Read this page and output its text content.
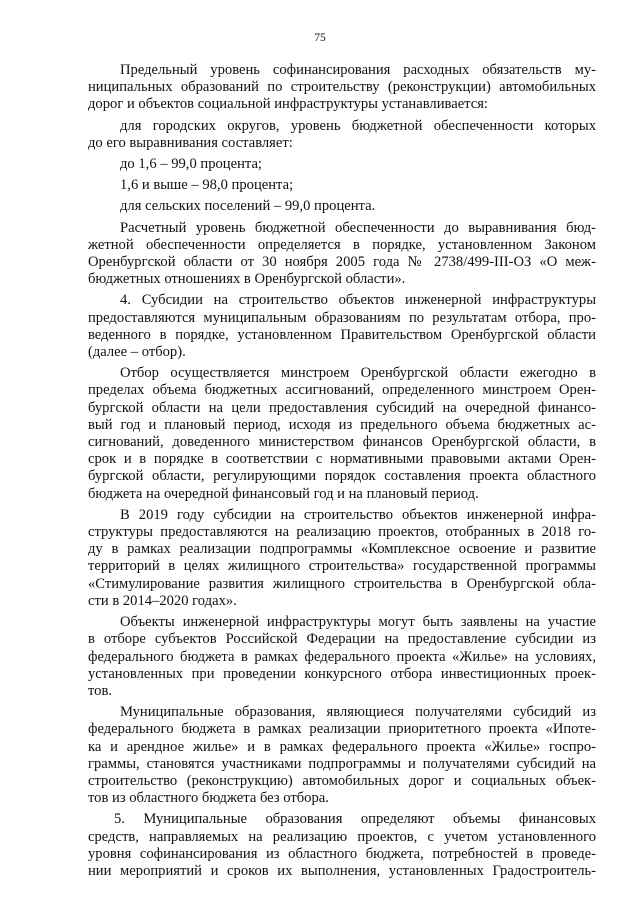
75
Предельный уровень софинансирования расходных обязательств му-
ниципальных образований по строительству (реконструкции) автомобильных
дорог и объектов социальной инфраструктуры устанавливается:
для городских округов, уровень бюджетной обеспеченности которых
до его выравнивания составляет:
до 1,6 – 99,0 процента;
1,6 и выше – 98,0 процента;
для сельских поселений – 99,0 процента.
Расчетный уровень бюджетной обеспеченности до выравнивания бюд-
жетной обеспеченности определяется в порядке, установленном Законом
Оренбургской области от 30 ноября 2005 года № 2738/499-III-ОЗ «О меж-
бюджетных отношениях в Оренбургской области».
4. Субсидии на строительство объектов инженерной инфраструктуры
предоставляются муниципальным образованиям по результатам отбора, про-
веденного в порядке, установленном Правительством Оренбургской области
(далее – отбор).
Отбор осуществляется минстроем Оренбургской области ежегодно в
пределах объема бюджетных ассигнований, определенного минстроем Орен-
бургской области на цели предоставления субсидий на очередной финансо-
вый год и плановый период, исходя из предельного объема бюджетных ас-
сигнований, доведенного министерством финансов Оренбургской области, в
срок и в порядке в соответствии с нормативными правовыми актами Орен-
бургской области, регулирующими порядок составления проекта областного
бюджета на очередной финансовый год и на плановый период.
В 2019 году субсидии на строительство объектов инженерной инфра-
структуры предоставляются на реализацию проектов, отобранных в 2018 го-
ду в рамках реализации подпрограммы «Комплексное освоение и развитие
территорий в целях жилищного строительства» государственной программы
«Стимулирование развития жилищного строительства в Оренбургской обла-
сти в 2014–2020 годах».
Объекты инженерной инфраструктуры могут быть заявлены на участие
в отборе субъектов Российской Федерации на предоставление субсидии из
федерального бюджета в рамках федерального проекта «Жилье» на условиях,
установленных при проведении конкурсного отбора инвестиционных проек-
тов.
Муниципальные образования, являющиеся получателями субсидий из
федерального бюджета в рамках реализации приоритетного проекта «Ипоте-
ка и арендное жилье» и в рамках федерального проекта «Жилье» госпро-
граммы, становятся участниками подпрограммы и получателями субсидий на
строительство (реконструкцию) автомобильных дорог и социальных объек-
тов из областного бюджета без отбора.
5. Муниципальные образования определяют объемы финансовых
средств, направляемых на реализацию проектов, с учетом установленного
уровня софинансирования из областного бюджета, потребностей в проведе-
нии мероприятий и сроков их выполнения, установленных Градостроитель-
